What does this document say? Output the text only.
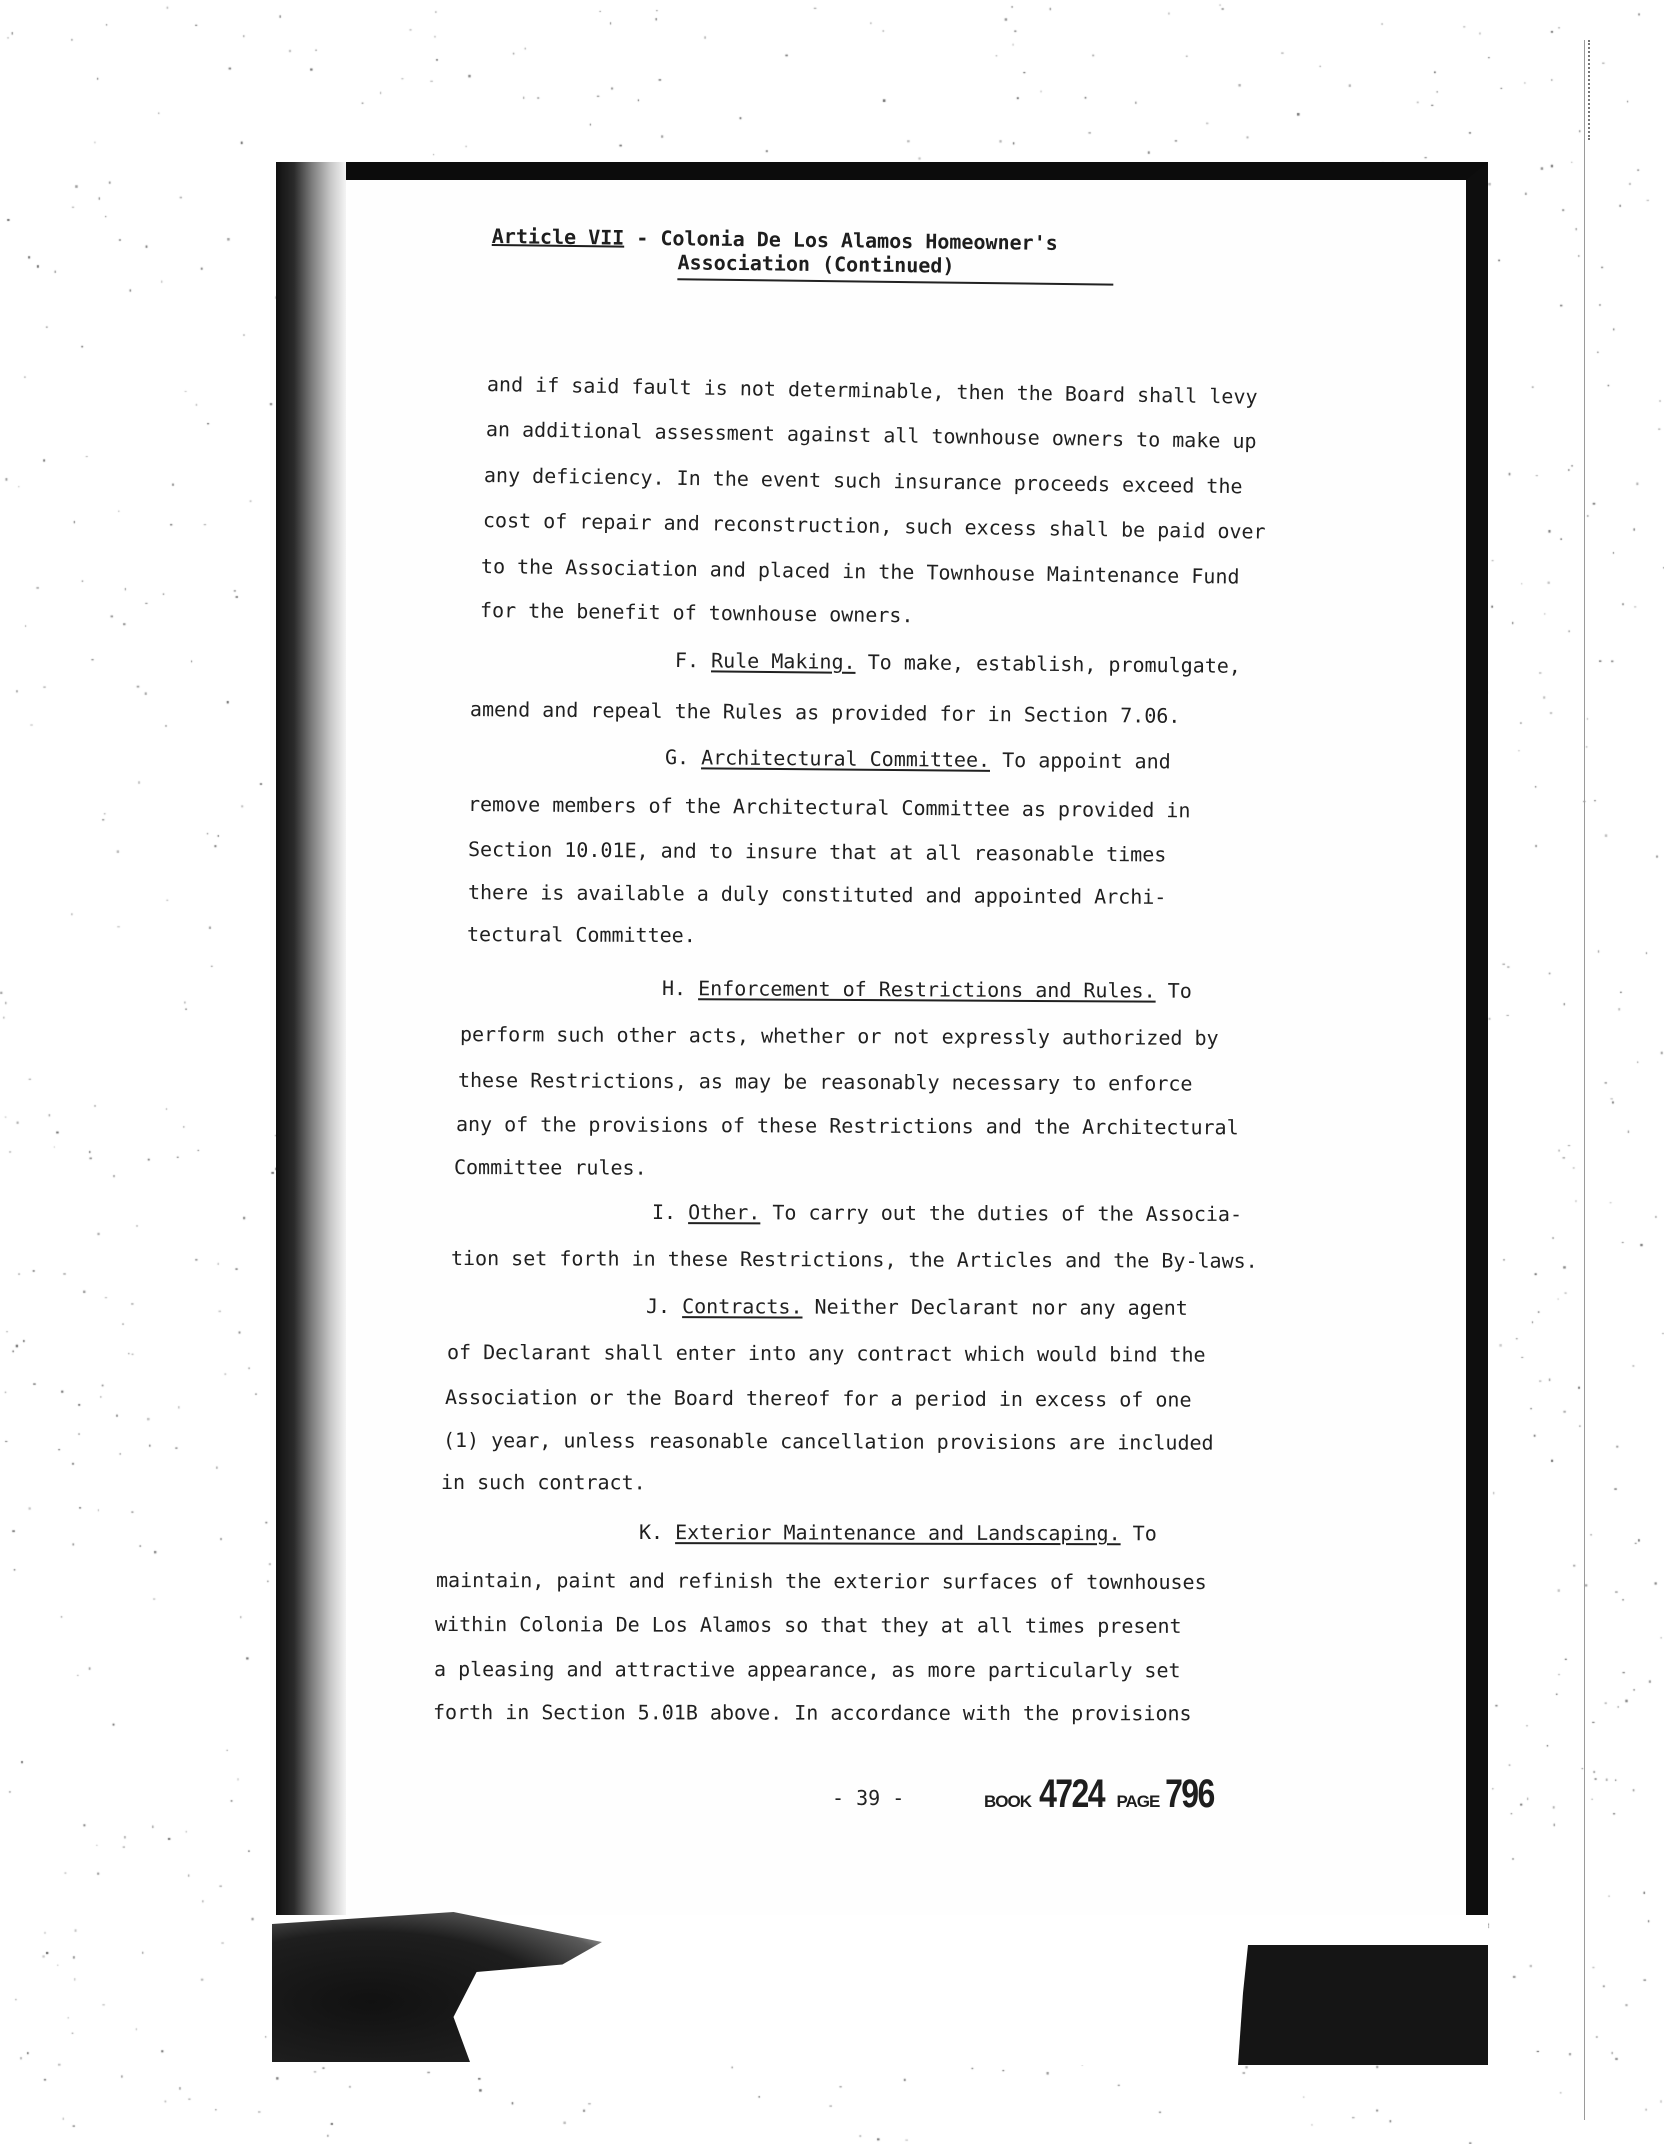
Article VII - Colonia De Los Alamos Homeowner's
Association (Continued)
and if said fault is not determinable, then the Board shall levy
an additional assessment against all townhouse owners to make up
any deficiency. In the event such insurance proceeds exceed the
cost of repair and reconstruction, such excess shall be paid over
to the Association and placed in the Townhouse Maintenance Fund
for the benefit of townhouse owners.
F. Rule Making. To make, establish, promulgate,
amend and repeal the Rules as provided for in Section 7.06.
G. Architectural Committee. To appoint and
remove members of the Architectural Committee as provided in
Section 10.01E, and to insure that at all reasonable times
there is available a duly constituted and appointed Archi-
tectural Committee.
H. Enforcement of Restrictions and Rules. To
perform such other acts, whether or not expressly authorized by
these Restrictions, as may be reasonably necessary to enforce
any of the provisions of these Restrictions and the Architectural
Committee rules.
I. Other. To carry out the duties of the Associa-
tion set forth in these Restrictions, the Articles and the By-laws.
J. Contracts. Neither Declarant nor any agent
of Declarant shall enter into any contract which would bind the
Association or the Board thereof for a period in excess of one
(1) year, unless reasonable cancellation provisions are included
in such contract.
K. Exterior Maintenance and Landscaping. To
maintain, paint and refinish the exterior surfaces of townhouses
within Colonia De Los Alamos so that they at all times present
a pleasing and attractive appearance, as more particularly set
forth in Section 5.01B above. In accordance with the provisions
- 39 -	BOOK 4724 PAGE 796
